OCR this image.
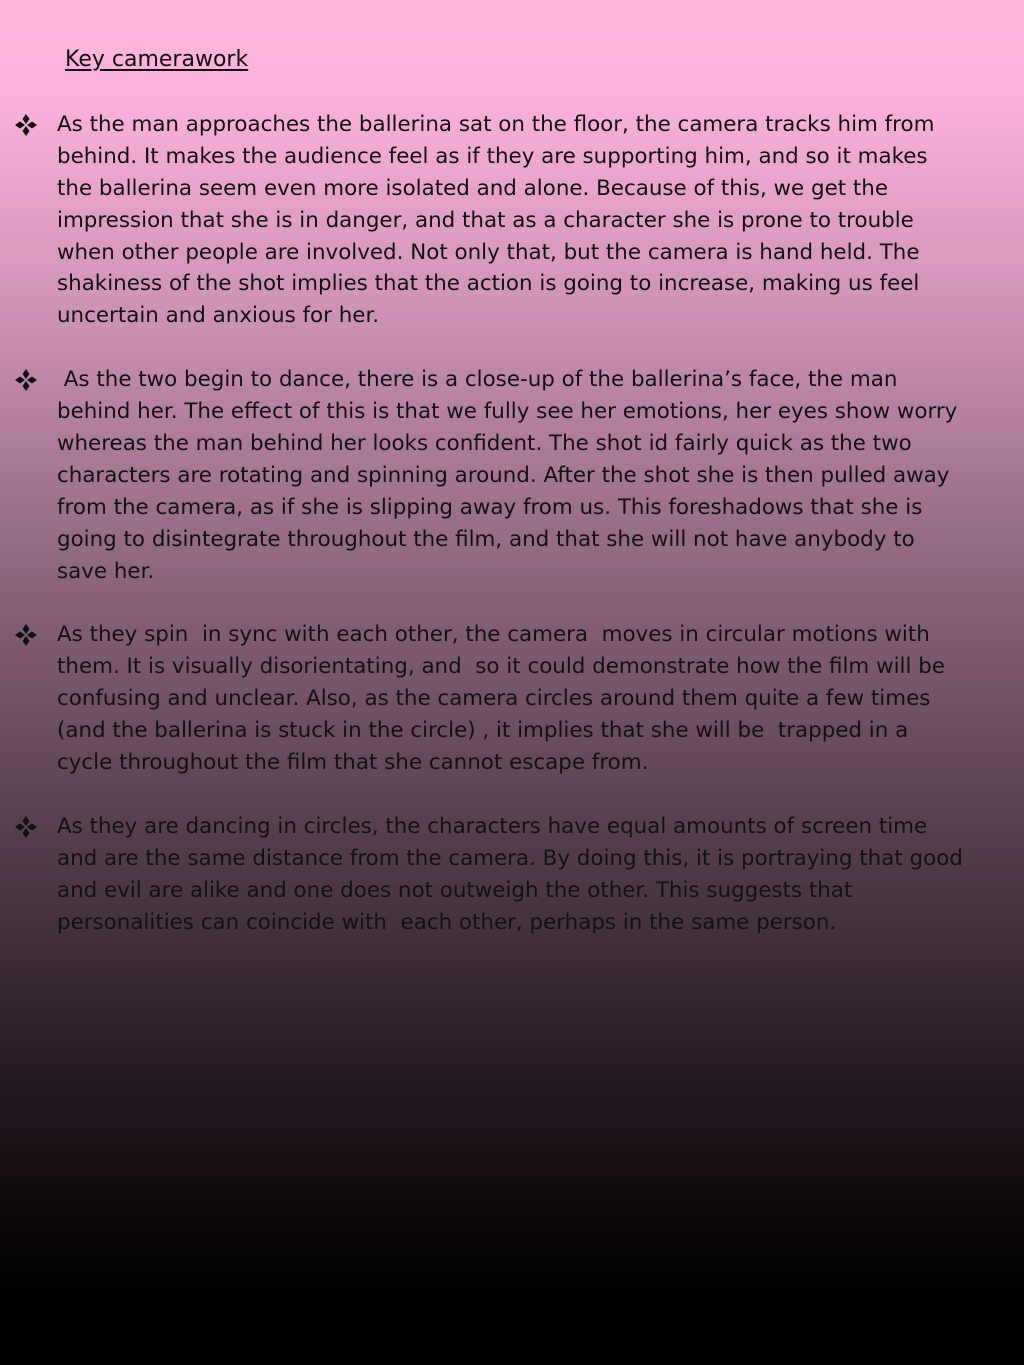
Key camerawork
As the man approaches the ballerina sat on the floor, the camera tracks him from
behind. It makes the audience feel as if they are supporting him, and so it makes
the ballerina seem even more isolated and alone. Because of this, we get the
impression that she is in danger, and that as a character she is prone to trouble
when other people are involved. Not only that, but the camera is hand held. The
shakiness of the shot implies that the action is going to increase, making us feel
uncertain and anxious for her.
As the two begin to dance, there is a close-up of the ballerina’s face, the man
behind her. The effect of this is that we fully see her emotions, her eyes show worry
whereas the man behind her looks confident. The shot id fairly quick as the two
characters are rotating and spinning around. After the shot she is then pulled away
from the camera, as if she is slipping away from us. This foreshadows that she is
going to disintegrate throughout the film, and that she will not have anybody to
save her.
As they spin  in sync with each other, the camera  moves in circular motions with
them. It is visually disorientating, and  so it could demonstrate how the film will be
confusing and unclear. Also, as the camera circles around them quite a few times
(and the ballerina is stuck in the circle) , it implies that she will be  trapped in a
cycle throughout the film that she cannot escape from.
As they are dancing in circles, the characters have equal amounts of screen time
and are the same distance from the camera. By doing this, it is portraying that good
and evil are alike and one does not outweigh the other. This suggests that
personalities can coincide with  each other, perhaps in the same person.
